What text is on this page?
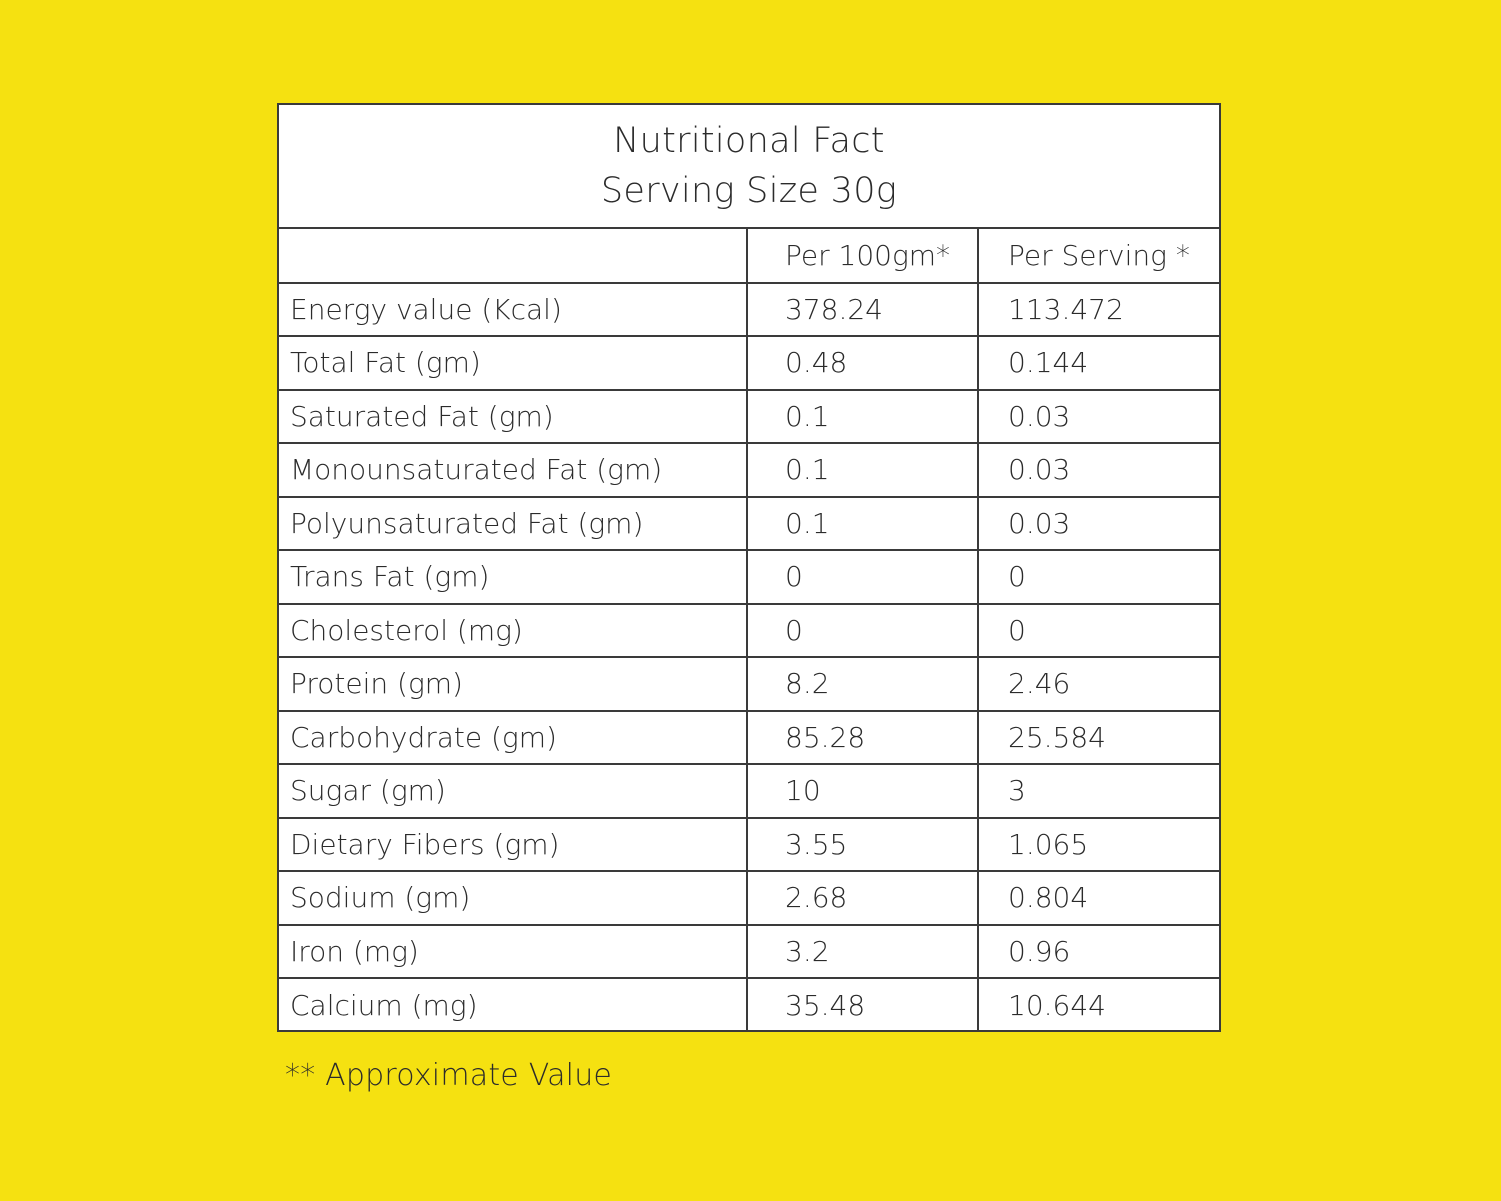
Nutritional Fact
Serving Size 30g
	Per 100gm*	Per Serving *
Energy value (Kcal)	378.24	113.472
Total Fat (gm)	0.48	0.144
Saturated Fat (gm)	0.1	0.03
Monounsaturated Fat (gm)	0.1	0.03
Polyunsaturated Fat (gm)	0.1	0.03
Trans Fat (gm)	0	0
Cholesterol (mg)	0	0
Protein (gm)	8.2	2.46
Carbohydrate (gm)	85.28	25.584
Sugar (gm)	10	3
Dietary Fibers (gm)	3.55	1.065
Sodium (gm)	2.68	0.804
Iron (mg)	3.2	0.96
Calcium (mg)	35.48	10.644
** Approximate Value
